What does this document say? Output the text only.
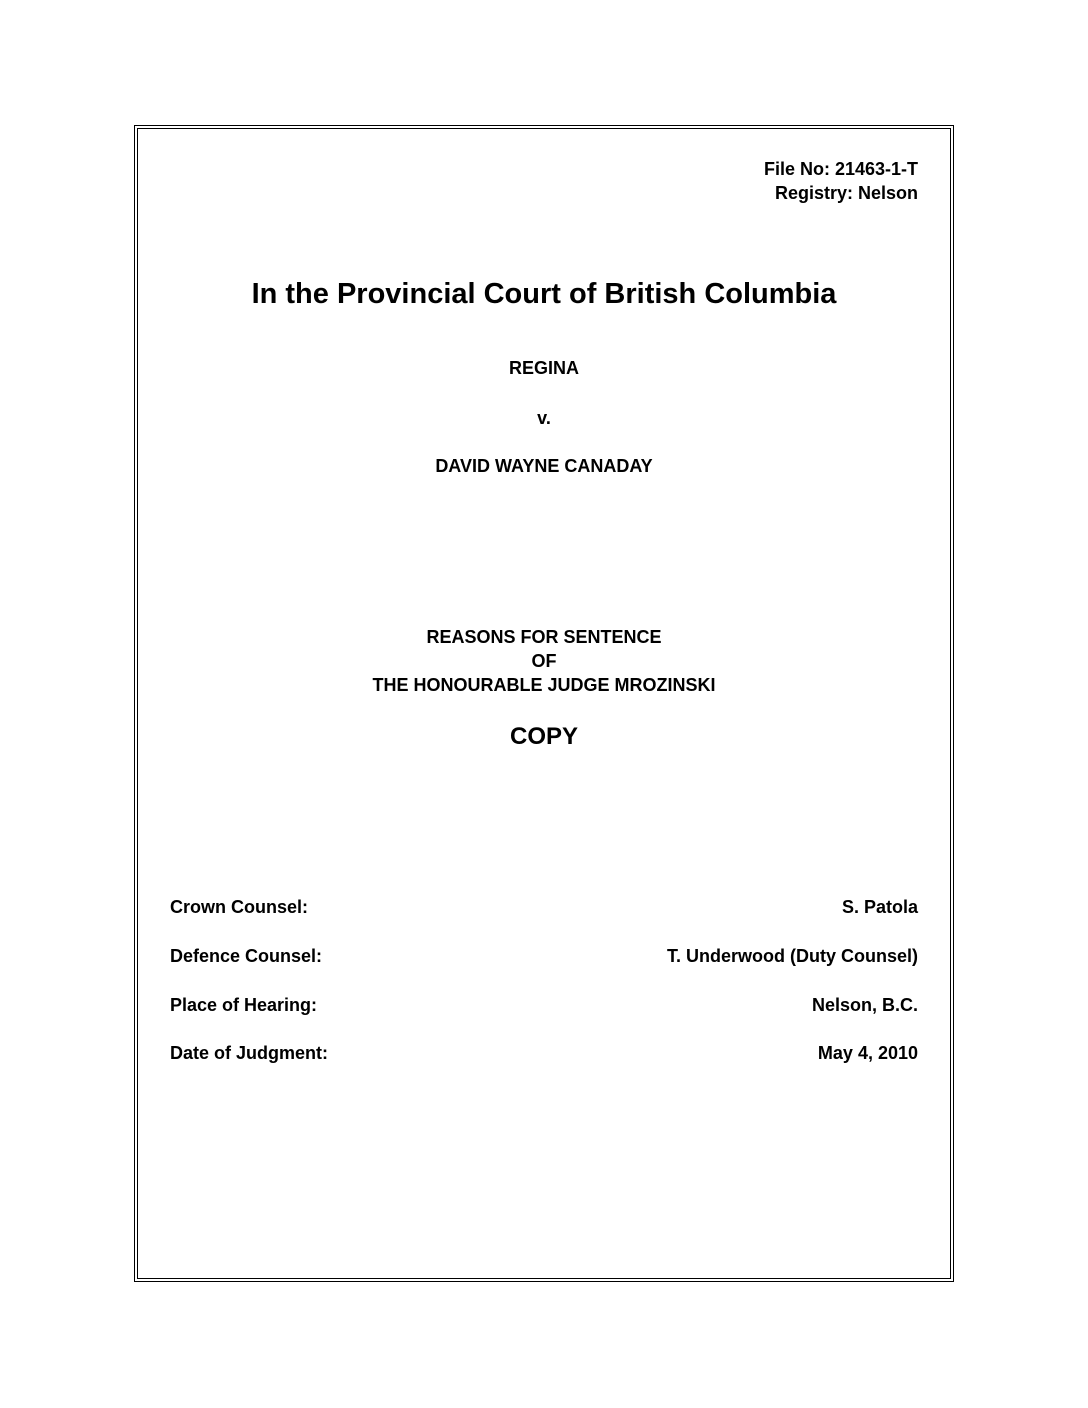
File No: 21463-1-T
Registry: Nelson
In the Provincial Court of British Columbia
REGINA
v.
DAVID WAYNE CANADAY
REASONS FOR SENTENCE
OF
THE HONOURABLE JUDGE MROZINSKI
COPY
Crown Counsel:	S. Patola
Defence Counsel:	T. Underwood (Duty Counsel)
Place of Hearing:	Nelson, B.C.
Date of Judgment:	May 4, 2010
